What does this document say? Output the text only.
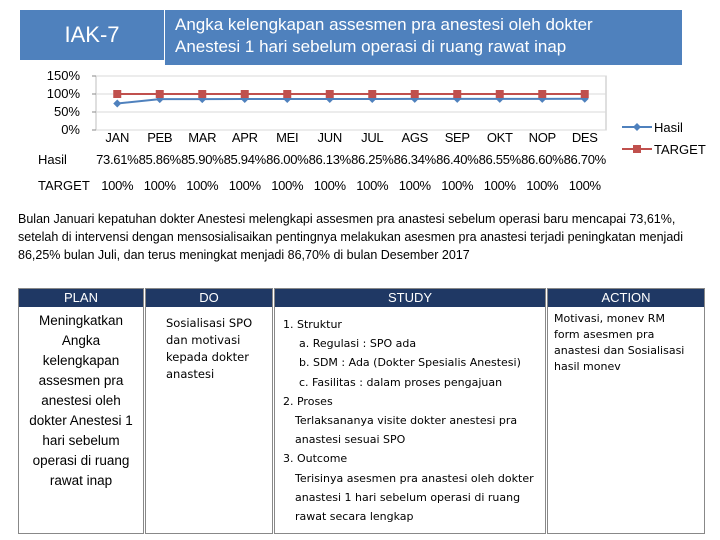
IAK-7	Angka kelengkapan assesmen pra anestesi oleh dokter
Anestesi 1 hari sebelum operasi di ruang rawat inap
150%
100%
50%
0%
Hasil 73.61% 85.86% 85.90% 85.94% 86.00% 86.13% 86.25% 86.34% 86.40% 86.55% 86.60% 86.70%
TARGET 100% 100% 100% 100% 100% 100% 100% 100% 100% 100% 100% 100%
JAN	PEB	MAR	APR	MEI	JUN	JUL	AGS	SEP	OKT	NOP	DES
Hasil
TARGET
Bulan Januari kepatuhan dokter Anestesi melengkapi assesmen pra anastesi sebelum operasi baru mencapai 73,61%, setelah di intervensi dengan mensosialisaikan pentingnya melakukan asesmen pra anastesi terjadi peningkatan menjadi 86,25% bulan Juli, dan terus meningkat menjadi 86,70% di bulan Desember 2017
PLAN
Meningkatkan
Angka
kelengkapan
assesmen pra
anestesi oleh
dokter Anestesi 1
hari sebelum
operasi di ruang
rawat inap
DO
Sosialisasi SPO
dan motivasi
kepada dokter
anastesi
STUDY
1. Struktur
a. Regulasi : SPO ada
b. SDM : Ada (Dokter Spesialis Anestesi)
c. Fasilitas : dalam proses pengajuan
2. Proses
Terlaksananya visite dokter anestesi pra
anastesi sesuai SPO
3. Outcome
Terisinya asesmen pra anastesi oleh dokter
anastesi 1 hari sebelum operasi di ruang
rawat secara lengkap
ACTION
Motivasi, monev RM
form asesmen pra
anastesi dan Sosialisasi
hasil monev
